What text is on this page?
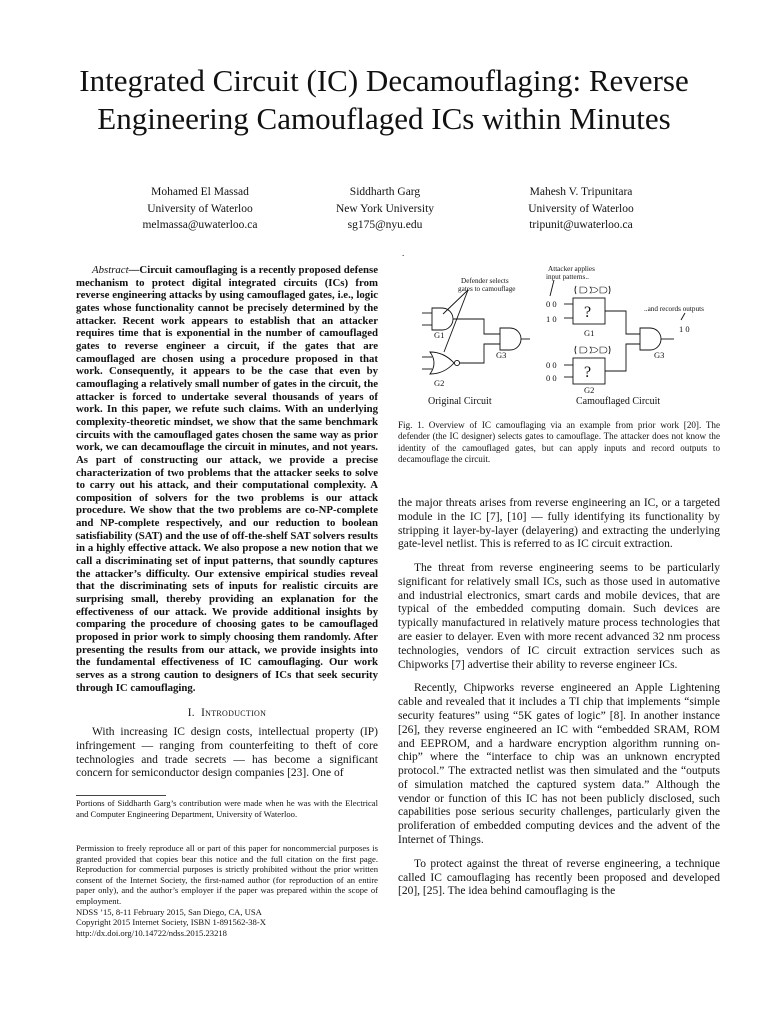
Integrated Circuit (IC) Decamouflaging: Reverse
Engineering Camouflaged ICs within Minutes
Mohamed El Massad
University of Waterloo
melmassa@uwaterloo.ca
Siddharth Garg
New York University
sg175@nyu.edu
Mahesh V. Tripunitara
University of Waterloo
tripunit@uwaterloo.ca

Abstract—Circuit camouflaging is a recently proposed defense mechanism to protect digital integrated circuits (ICs) from reverse engineering attacks by using camouflaged gates, i.e., logic gates whose functionality cannot be precisely determined by the attacker. Recent work appears to establish that an attacker requires time that is exponential in the number of camouflaged gates to reverse engineer a circuit, if the gates that are camouflaged are chosen using a procedure proposed in that work. Consequently, it appears to be the case that even by camouflaging a relatively small number of gates in the circuit, the attacker is forced to undertake several thousands of years of work. In this paper, we refute such claims. With an underlying complexity-theoretic mindset, we show that the same benchmark circuits with the camouflaged gates chosen the same way as prior work, we can decamouflage the circuit in minutes, and not years. As part of constructing our attack, we provide a precise characterization of two problems that the attacker seeks to solve to carry out his attack, and their computational complexity. A composition of solvers for the two problems is our attack procedure. We show that the two problems are co-NP-complete and NP-complete respectively, and our reduction to boolean satisfiability (SAT) and the use of off-the-shelf SAT solvers results in a highly effective attack. We also propose a new notion that we call a discriminating set of input patterns, that soundly captures the attacker’s difficulty. Our extensive empirical studies reveal that the discriminating sets of inputs for realistic circuits are surprising small, thereby providing an explanation for the effectiveness of our attack. We provide additional insights by comparing the procedure of choosing gates to be camouflaged proposed in prior work to simply choosing them randomly. After presenting the results from our attack, we provide insights into the fundamental effectiveness of IC camouflaging. Our work serves as a strong caution to designers of ICs that seek security through IC camouflaging.

I. Introduction

With increasing IC design costs, intellectual property (IP) infringement — ranging from counterfeiting to theft of core technologies and trade secrets — has become a significant concern for semiconductor design companies [23]. One of

Portions of Siddharth Garg’s contribution were made when he was with the Electrical and Computer Engineering Department, University of Waterloo.
Permission to freely reproduce all or part of this paper for noncommercial purposes is granted provided that copies bear this notice and the full citation on the first page. Reproduction for commercial purposes is strictly prohibited without the prior written consent of the Internet Society, the first-named author (for reproduction of an entire paper only), and the author’s employer if the paper was prepared within the scope of employment.
NDSS ’15, 8-11 February 2015, San Diego, CA, USA
Copyright 2015 Internet Society, ISBN 1-891562-38-X
http://dx.doi.org/10.14722/ndss.2015.23218
.
Defender selects
gates to camouflage
Attacker applies
input patterns..
..and records outputs
G1
G2
G3
G1
G2
G3
0 0
1 0
0 0
0 0
1 0
?
?
Original Circuit	Camouflaged Circuit
Fig. 1. Overview of IC camouflaging via an example from prior work [20]. The defender (the IC designer) selects gates to camouflage. The attacker does not know the identity of the camouflaged gates, but can apply inputs and record outputs to decamouflage the circuit.

the major threats arises from reverse engineering an IC, or a targeted module in the IC [7], [10] — fully identifying its functionality by stripping it layer-by-layer (delayering) and extracting the underlying gate-level netlist. This is referred to as IC circuit extraction.

The threat from reverse engineering seems to be particularly significant for relatively small ICs, such as those used in automative and industrial electronics, smart cards and mobile devices, that are typical of the embedded computing domain. Such devices are typically manufactured in relatively mature process technologies that are easier to delayer. Even with more recent advanced 32 nm process technologies, vendors of IC circuit extraction services such as Chipworks [7] advertise their ability to reverse engineer ICs.

Recently, Chipworks reverse engineered an Apple Lightening cable and revealed that it includes a TI chip that implements “simple security features” using “5K gates of logic” [8]. In another instance [26], they reverse engineered an IC with “embedded SRAM, ROM and EEPROM, and a hardware encryption algorithm running on-chip” where the “interface to chip was an unknown encrypted protocol.” The extracted netlist was then simulated and the “outputs of simulation matched the captured system data.” Although the vendor or function of this IC has not been publicly disclosed, such capabilities pose serious security challenges, particularly given the proliferation of embedded computing devices and the advent of the Internet of Things.

To protect against the threat of reverse engineering, a technique called IC camouflaging has recently been proposed and developed [20], [25]. The idea behind camouflaging is the
